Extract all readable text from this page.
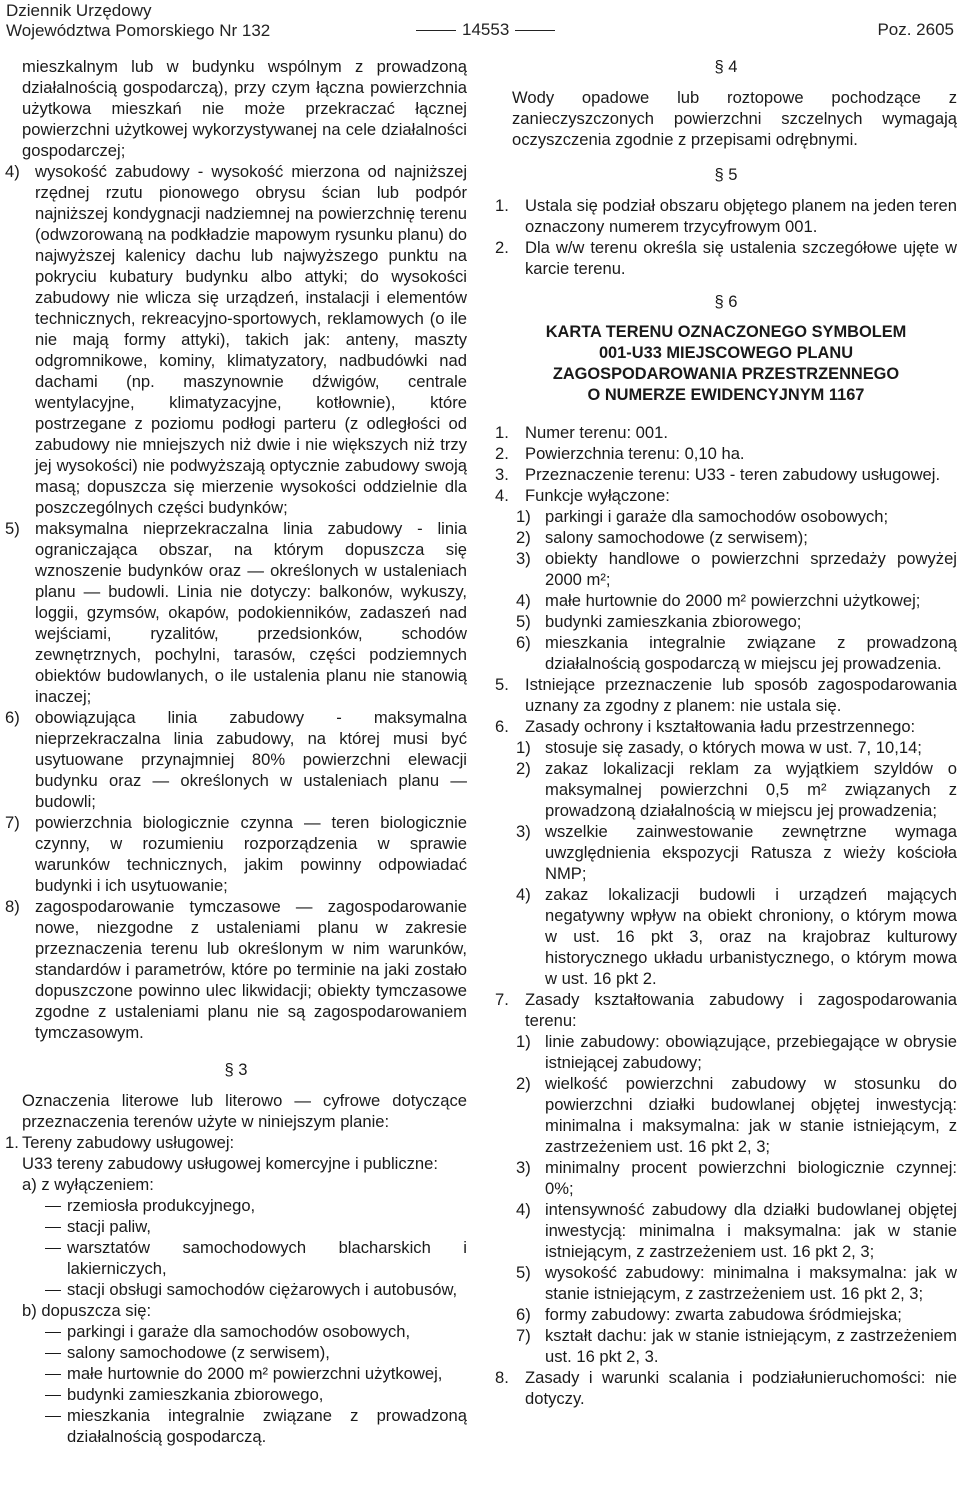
Dziennik Urzędowy
Województwa Pomorskiego Nr 132	14553	Poz. 2605

mieszkalnym lub w budynku wspólnym z prowadzoną działalnością gospodarczą), przy czym łączna powierzchnia użytkowa mieszkań nie może przekraczać łącznej powierzchni użytkowej wykorzystywanej na cele działalności gospodarczej;

4) wysokość zabudowy - wysokość mierzona od najniższej rzędnej rzutu pionowego obrysu ścian lub podpór najniższej kondygnacji nadziemnej na powierzchnię terenu (odwzorowaną na podkładzie mapowym rysunku planu) do najwyższej kalenicy dachu lub najwyższego punktu na pokryciu kubatury budynku albo attyki; do wysokości zabudowy nie wlicza się urządzeń, instalacji i elementów technicznych, rekreacyjno-sportowych, reklamowych (o ile nie mają formy attyki), takich jak: anteny, maszty odgromnikowe, kominy, klimatyzatory, nadbudówki nad dachami (np. maszynownie dźwigów, centrale wentylacyjne, klimatyzacyjne, kotłownie), które postrzegane z poziomu podłogi parteru (z odległości od zabudowy nie mniejszych niż dwie i nie większych niż trzy jej wysokości) nie podwyższają optycznie zabudowy swoją masą; dopuszcza się mierzenie wysokości oddzielnie dla poszczególnych części budynków;
5) maksymalna nieprzekraczalna linia zabudowy - linia ograniczająca obszar, na którym dopuszcza się wznoszenie budynków oraz — określonych w ustaleniach planu — budowli. Linia nie dotyczy: balkonów, wykuszy, loggii, gzymsów, okapów, podokienników, zadaszeń nad wejściami, ryzalitów, przedsionków, schodów zewnętrznych, pochylni, tarasów, części podziemnych obiektów budowlanych, o ile ustalenia planu nie stanowią inaczej;
6) obowiązująca linia zabudowy - maksymalna nieprzekraczalna linia zabudowy, na której musi być usytuowane przynajmniej 80% powierzchni elewacji budynku oraz — określonych w ustaleniach planu — budowli;
7) powierzchnia biologicznie czynna — teren biologicznie czynny, w rozumieniu rozporządzenia w sprawie warunków technicznych, jakim powinny odpowiadać budynki i ich usytuowanie;
8) zagospodarowanie tymczasowe — zagospodarowanie nowe, niezgodne z ustaleniami planu w zakresie przeznaczenia terenu lub określonym w nim warunków, standardów i parametrów, które po terminie na jaki zostało dopuszczone powinno ulec likwidacji; obiekty tymczasowe zgodne z ustaleniami planu nie są zagospodarowaniem tymczasowym.
§ 3

Oznaczenia literowe lub literowo — cyfrowe dotyczące przeznaczenia terenów użyte w niniejszym planie:

1. Tereny zabudowy usługowej:

U33 tereny zabudowy usługowej komercyjne i publiczne:

a) z wyłączeniem:

rzemiosła produkcyjnego,
stacji paliw,
warsztatów samochodowych blacharskich i lakierniczych,
stacji obsługi samochodów ciężarowych i autobusów,

b) dopuszcza się:

parkingi i garaże dla samochodów osobowych,
salony samochodowe (z serwisem),
małe hurtownie do 2000 m² powierzchni użytkowej,
budynki zamieszkania zbiorowego,
mieszkania integralnie związane z prowadzoną działalnością gospodarczą.
§ 4

Wody opadowe lub roztopowe pochodzące z zanieczyszczonych powierzchni szczelnych wymagają oczyszczenia zgodnie z przepisami odrębnymi.

§ 5
1. Ustala się podział obszaru objętego planem na jeden teren oznaczony numerem trzycyfrowym 001.
2. Dla w/w terenu określa się ustalenia szczegółowe ujęte w karcie terenu.
§ 6
KARTA TERENU OZNACZONEGO SYMBOLEM
001-U33 MIEJSCOWEGO PLANU
ZAGOSPODAROWANIA PRZESTRZENNEGO
O NUMERZE EWIDENCYJNYM 1167
1. Numer terenu: 001.
2. Powierzchnia terenu: 0,10 ha.
3. Przeznaczenie terenu: U33 - teren zabudowy usługowej.
4. Funkcje wyłączone:
1) parkingi i garaże dla samochodów osobowych;
2) salony samochodowe (z serwisem);
3) obiekty handlowe o powierzchni sprzedaży powyżej 2000 m²;
4) małe hurtownie do 2000 m² powierzchni użytkowej;
5) budynki zamieszkania zbiorowego;
6) mieszkania integralnie związane z prowadzoną działalnością gospodarczą w miejscu jej prowadzenia.
5. Istniejące przeznaczenie lub sposób zagospodarowania uznany za zgodny z planem: nie ustala się.
6. Zasady ochrony i kształtowania ładu przestrzennego:
1) stosuje się zasady, o których mowa w ust. 7, 10,14;
2) zakaz lokalizacji reklam za wyjątkiem szyldów o maksymalnej powierzchni 0,5 m² związanych z prowadzoną działalnością w miejscu jej prowadzenia;
3) wszelkie zainwestowanie zewnętrzne wymaga uwzględnienia ekspozycji Ratusza z wieży kościoła NMP;
4) zakaz lokalizacji budowli i urządzeń mających negatywny wpływ na obiekt chroniony, o którym mowa w ust. 16 pkt 3, oraz na krajobraz kulturowy historycznego układu urbanistycznego, o którym mowa w ust. 16 pkt 2.
7. Zasady kształtowania zabudowy i zagospodarowania terenu:
1) linie zabudowy: obowiązujące, przebiegające w obrysie istniejącej zabudowy;
2) wielkość powierzchni zabudowy w stosunku do powierzchni działki budowlanej objętej inwestycją: minimalna i maksymalna: jak w stanie istniejącym, z zastrzeżeniem ust. 16 pkt 2, 3;
3) minimalny procent powierzchni biologicznie czynnej: 0%;
4) intensywność zabudowy dla działki budowlanej objętej inwestycją: minimalna i maksymalna: jak w stanie istniejącym, z zastrzeżeniem ust. 16 pkt 2, 3;
5) wysokość zabudowy: minimalna i maksymalna: jak w stanie istniejącym, z zastrzeżeniem ust. 16 pkt 2, 3;
6) formy zabudowy: zwarta zabudowa śródmiejska;
7) kształt dachu: jak w stanie istniejącym, z zastrzeżeniem ust. 16 pkt 2, 3.
8. Zasady i warunki scalania i podziałunieruchomości: nie dotyczy.
